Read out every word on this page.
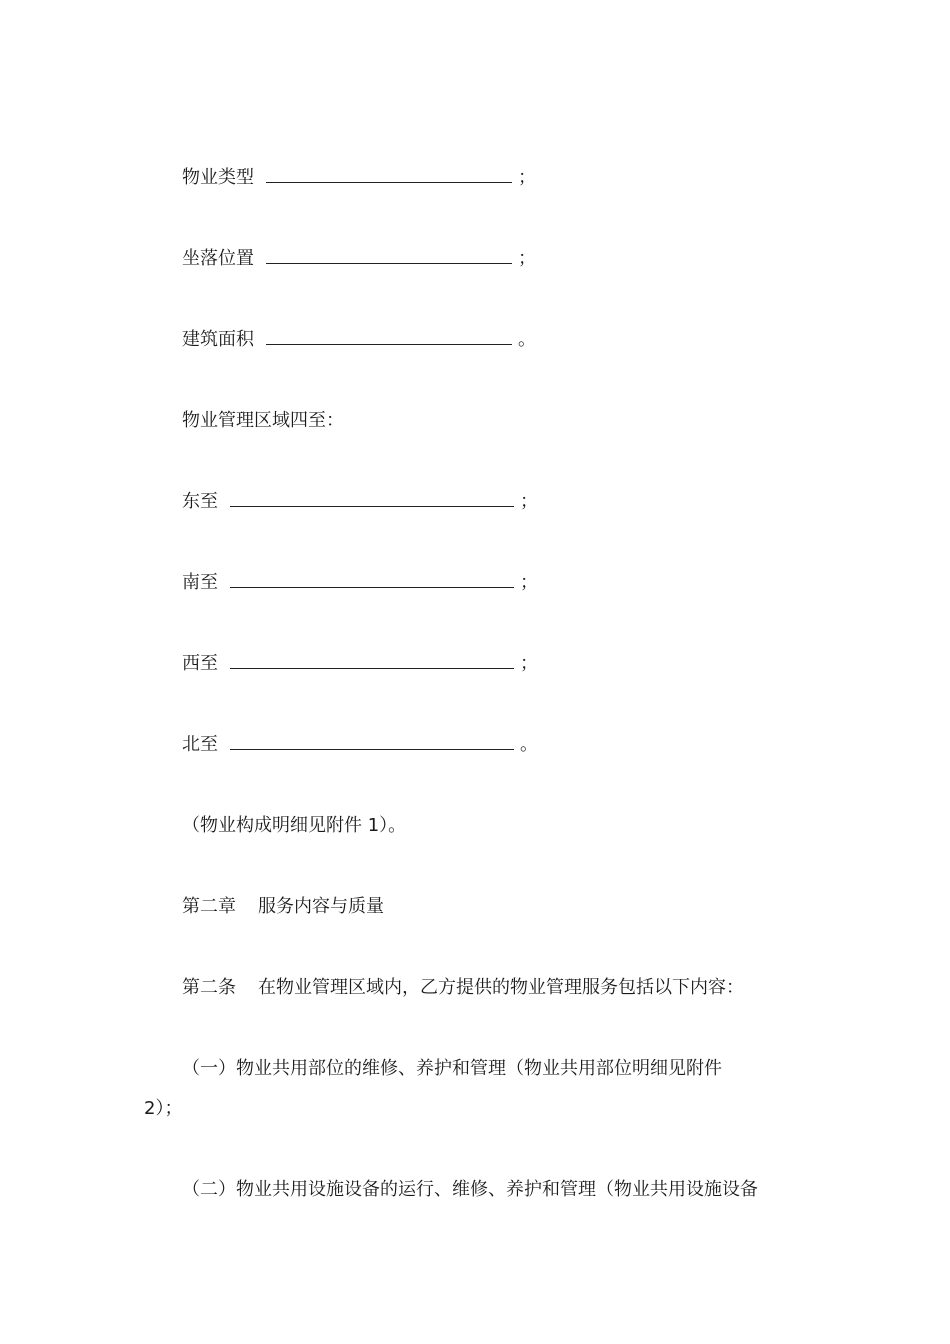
物业类型	；
坐落位置	；
建筑面积	。
物业管理区域四至：
东至	；
南至	；
西至	；
北至	。
（物业构成明细见附件 1）。
第二章 服务内容与质量
第二条 在物业管理区域内，乙方提供的物业管理服务包括以下内容：
（一）物业共用部位的维修、养护和管理（物业共用部位明细见附件
2）；
（二）物业共用设施设备的运行、维修、养护和管理（物业共用设施设备
